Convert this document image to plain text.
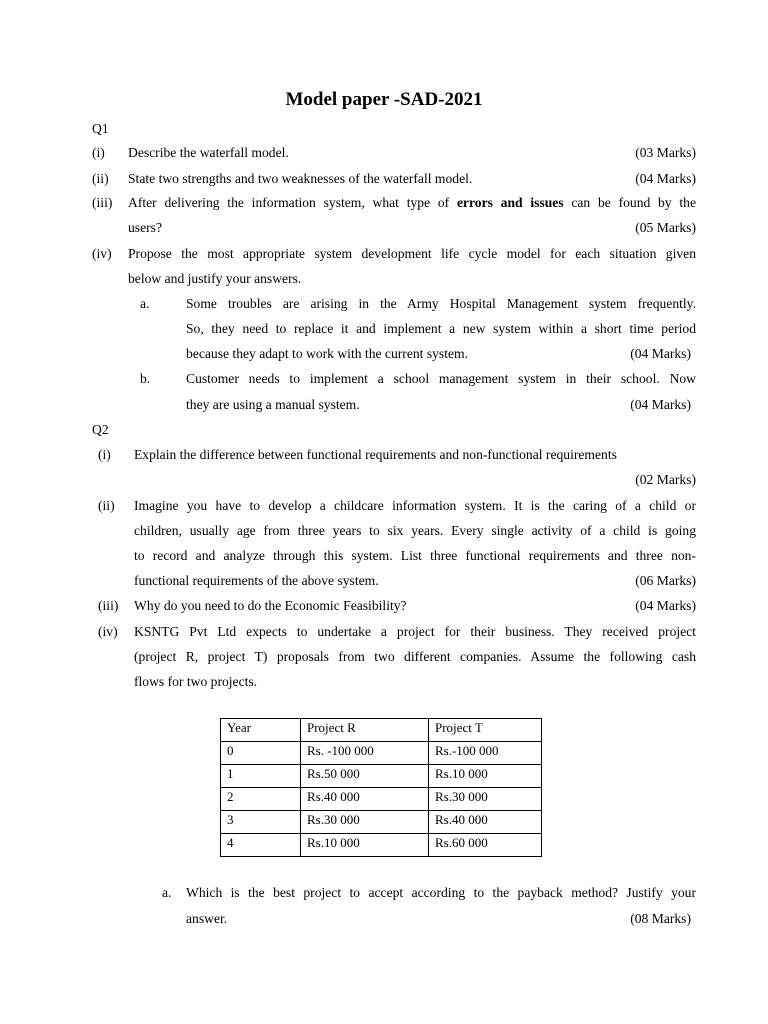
Model paper -SAD-2021
Q1
(i) Describe the waterfall model.	(03 Marks)
(ii) State two strengths and two weaknesses of the waterfall model.	(04 Marks)
(iii) After delivering the information system, what type of errors and issues can be found by the
users?	(05 Marks)
(iv) Propose the most appropriate system development life cycle model for each situation given
below and justify your answers.
a.	Some troubles are arising in the Army Hospital Management system frequently.
So, they need to replace it and implement a new system within a short time period
because they adapt to work with the current system.	(04 Marks)
b.	Customer needs to implement a school management system in their school. Now
they are using a manual system.	(04 Marks)
Q2
(i) Explain the difference between functional requirements and non-functional requirements
(02 Marks)
(ii) Imagine you have to develop a childcare information system. It is the caring of a child or
children, usually age from three years to six years. Every single activity of a child is going
to record and analyze through this system. List three functional requirements and three non-
functional requirements of the above system.	(06 Marks)
(iii) Why do you need to do the Economic Feasibility?	(04 Marks)
(iv) KSNTG Pvt Ltd expects to undertake a project for their business. They received project
(project R, project T) proposals from two different companies. Assume the following cash
flows for two projects.
Year	Project R	Project T
0	Rs. -100 000	Rs.-100 000
1	Rs.50 000	Rs.10 000
2	Rs.40 000	Rs.30 000
3	Rs.30 000	Rs.40 000
4	Rs.10 000	Rs.60 000
a. Which is the best project to accept according to the payback method? Justify your
answer.	(08 Marks)
